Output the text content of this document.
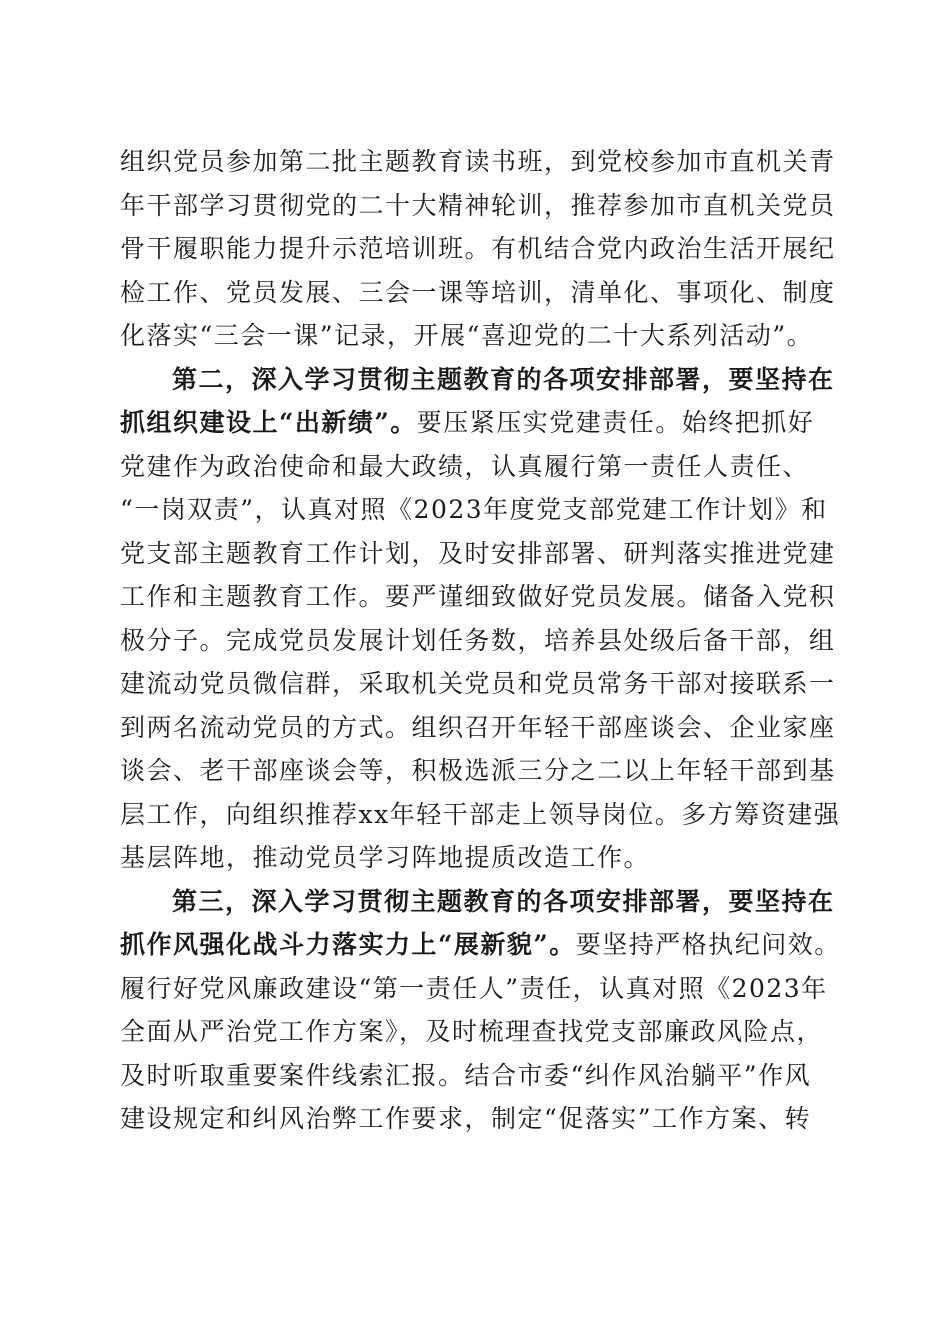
组织党员参加第二批主题教育读书班，到党校参加市直机关青
年干部学习贯彻党的二十大精神轮训，推荐参加市直机关党员
骨干履职能力提升示范培训班。有机结合党内政治生活开展纪
检工作、党员发展、三会一课等培训，清单化、事项化、制度
化落实“三会一课”记录，开展“喜迎党的二十大系列活动”。
第二，深入学习贯彻主题教育的各项安排部署，要坚持在
抓组织建设上“出新绩”。要压紧压实党建责任。始终把抓好
党建作为政治使命和最大政绩，认真履行第一责任人责任、
“一岗双责”，认真对照《2023年度党支部党建工作计划》和
党支部主题教育工作计划，及时安排部署、研判落实推进党建
工作和主题教育工作。要严谨细致做好党员发展。储备入党积
极分子。完成党员发展计划任务数，培养县处级后备干部，组
建流动党员微信群，采取机关党员和党员常务干部对接联系一
到两名流动党员的方式。组织召开年轻干部座谈会、企业家座
谈会、老干部座谈会等，积极选派三分之二以上年轻干部到基
层工作，向组织推荐xx年轻干部走上领导岗位。多方筹资建强
基层阵地，推动党员学习阵地提质改造工作。
第三，深入学习贯彻主题教育的各项安排部署，要坚持在
抓作风强化战斗力落实力上“展新貌”。要坚持严格执纪问效。
履行好党风廉政建设“第一责任人”责任，认真对照《2023年
全面从严治党工作方案》，及时梳理查找党支部廉政风险点，
及时听取重要案件线索汇报。结合市委“纠作风治躺平”作风
建设规定和纠风治弊工作要求，制定“促落实”工作方案、转
